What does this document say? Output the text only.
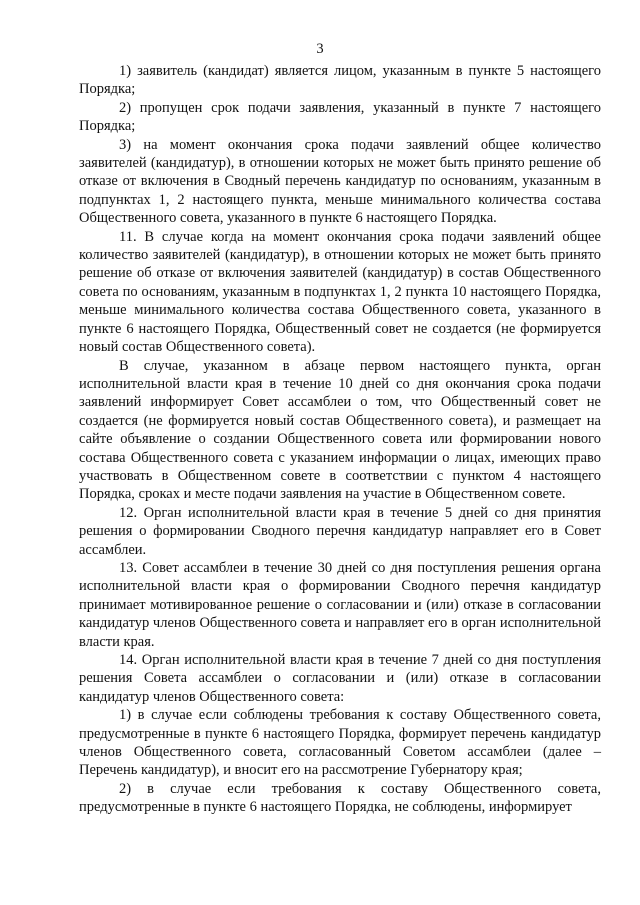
3

1) заявитель (кандидат) является лицом, указанным в пункте 5 настоящего Порядка;

2) пропущен срок подачи заявления, указанный в пункте 7 настоящего Порядка;

3) на момент окончания срока подачи заявлений общее количество заявителей (кандидатур), в отношении которых не может быть принято решение об отказе от включения в Сводный перечень кандидатур по основаниям, указанным в подпунктах 1, 2 настоящего пункта, меньше минимального количества состава Общественного совета, указанного в пункте 6 настоящего Порядка.

11. В случае когда на момент окончания срока подачи заявлений общее количество заявителей (кандидатур), в отношении которых не может быть принято решение об отказе от включения заявителей (кандидатур) в состав Общественного совета по основаниям, указанным в подпунктах 1, 2 пункта 10 настоящего Порядка, меньше минимального количества состава Общественного совета, указанного в пункте 6 настоящего Порядка, Общественный совет не создается (не формируется новый состав Общественного совета).

В случае, указанном в абзаце первом настоящего пункта, орган исполнительной власти края в течение 10 дней со дня окончания срока подачи заявлений информирует Совет ассамблеи о том, что Общественный совет не создается (не формируется новый состав Общественного совета), и размещает на сайте объявление о создании Общественного совета или формировании нового состава Общественного совета с указанием информации о лицах, имеющих право участвовать в Общественном совете в соответствии с пунктом 4 настоящего Порядка, сроках и месте подачи заявления на участие в Общественном совете.

12. Орган исполнительной власти края в течение 5 дней со дня принятия решения о формировании Сводного перечня кандидатур направляет его в Совет ассамблеи.

13. Совет ассамблеи в течение 30 дней со дня поступления решения органа исполнительной власти края о формировании Сводного перечня кандидатур принимает мотивированное решение о согласовании и (или) отказе в согласовании кандидатур членов Общественного совета и направляет его в орган исполнительной власти края.

14. Орган исполнительной власти края в течение 7 дней со дня поступления решения Совета ассамблеи о согласовании и (или) отказе в согласовании кандидатур членов Общественного совета:

1) в случае если соблюдены требования к составу Общественного совета, предусмотренные в пункте 6 настоящего Порядка, формирует перечень кандидатур членов Общественного совета, согласованный Советом ассамблеи (далее – Перечень кандидатур), и вносит его на рассмотрение Губернатору края;

2) в случае если требования к составу Общественного совета, предусмотренные в пункте 6 настоящего Порядка, не соблюдены, информирует
